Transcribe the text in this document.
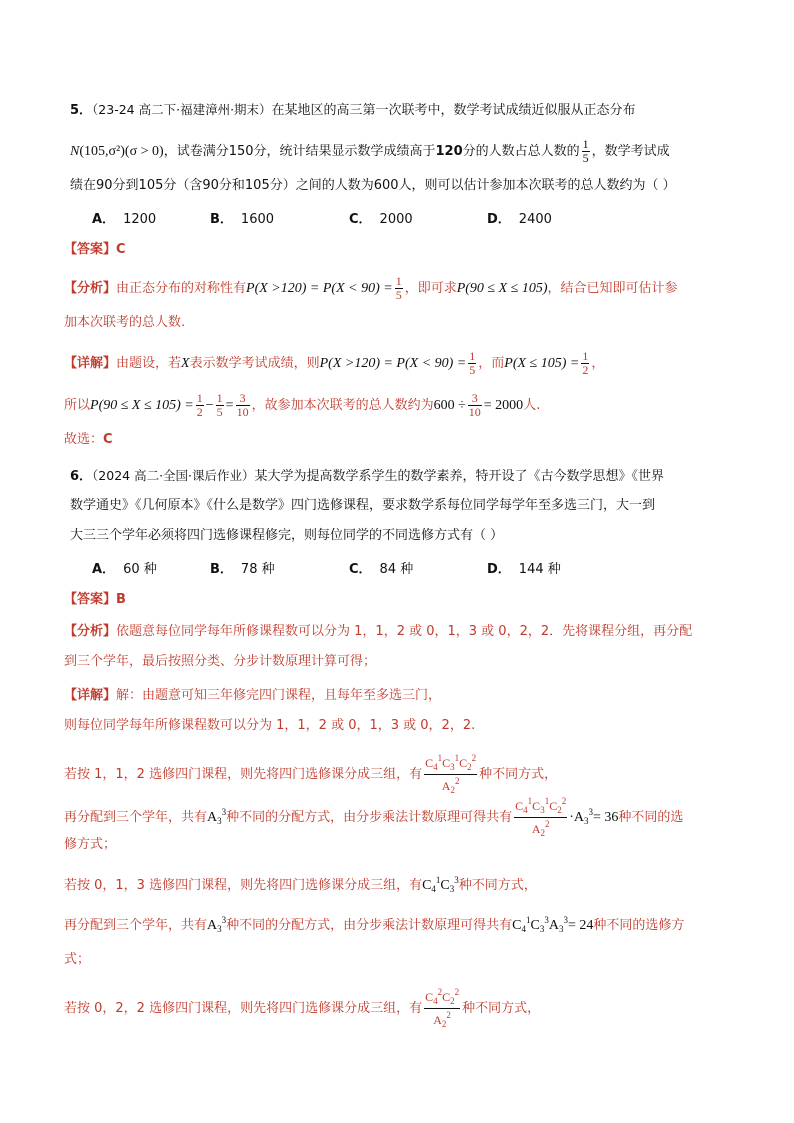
5．（23-24 高二下·福建漳州·期末）在某地区的高三第一次联考中，数学考试成绩近似服从正态分布
N(105,σ²)(σ > 0)，试卷满分150分，统计结果显示数学成绩高于120分的人数占总人数的 $\frac{1}{5}$ ，数学考试成
绩在90分到105分（含90分和105分）之间的人数为600人，则可以估计参加本次联考的总人数约为（ ）
A． 1200	B． 1600	C． 2000	D． 2400
【答案】C
【分析】由正态分布的对称性有$P(X >120) = P(X < 90) = \frac{1}{5}$ ，即可求P(90 ≤ X ≤ 105)，结合已知即可估计参
加本次联考的总人数.
【详解】由题设，若X表示数学考试成绩，则$P(X >120) = P(X < 90) = \frac{1}{5}$ ，而$P(X \le 105) = \frac{1}{2}$ ，
所以$P(90 \le X \le 105) = \frac{1}{2} - \frac{1}{5} = \frac{3}{10}$ ，故参加本次联考的总人数约为$600 \div \frac{3}{10} = 2000$人.
故选：C
6．（2024 高二·全国·课后作业）某大学为提高数学系学生的数学素养，特开设了《古今数学思想》《世界
数学通史》《几何原本》《什么是数学》四门选修课程，要求数学系每位同学每学年至多选三门，大一到
大三三个学年必须将四门选修课程修完，则每位同学的不同选修方式有（ ）
A． 60 种	B． 78 种	C． 84 种	D． 144 种
【答案】B
【分析】依题意每位同学每年所修课程数可以分为 1，1，2 或 0，1，3 或 0，2，2．先将课程分组，再分配
到三个学年，最后按照分类、分步计数原理计算可得；
【详解】解：由题意可知三年修完四门课程，且每年至多选三门，
则每位同学每年所修课程数可以分为 1，1，2 或 0，1，3 或 0，2，2.
若按 1，1，2 选修四门课程，则先将四门选修课分成三组，有 $\frac{C_4^1C_3^1C_2^2}{A_2^2}$ 种不同方式，
再分配到三个学年，共有$A_3^3$种不同的分配方式，由分步乘法计数原理可得共有 $\frac{C_4^1C_3^1C_2^2}{A_2^2} \cdot A_3^3= 36$种不同的选
修方式；
若按 0，1，3 选修四门课程，则先将四门选修课分成三组，有$C_4^1C_3^3$种不同方式，
再分配到三个学年，共有$A_3^3$种不同的分配方式，由分步乘法计数原理可得共有$C_4^1C_3^3A_3^3= 24$种不同的选修方
式；
若按 0，2，2 选修四门课程，则先将四门选修课分成三组，有 $\frac{C_4^2C_2^2}{A_2^2}$ 种不同方式，
